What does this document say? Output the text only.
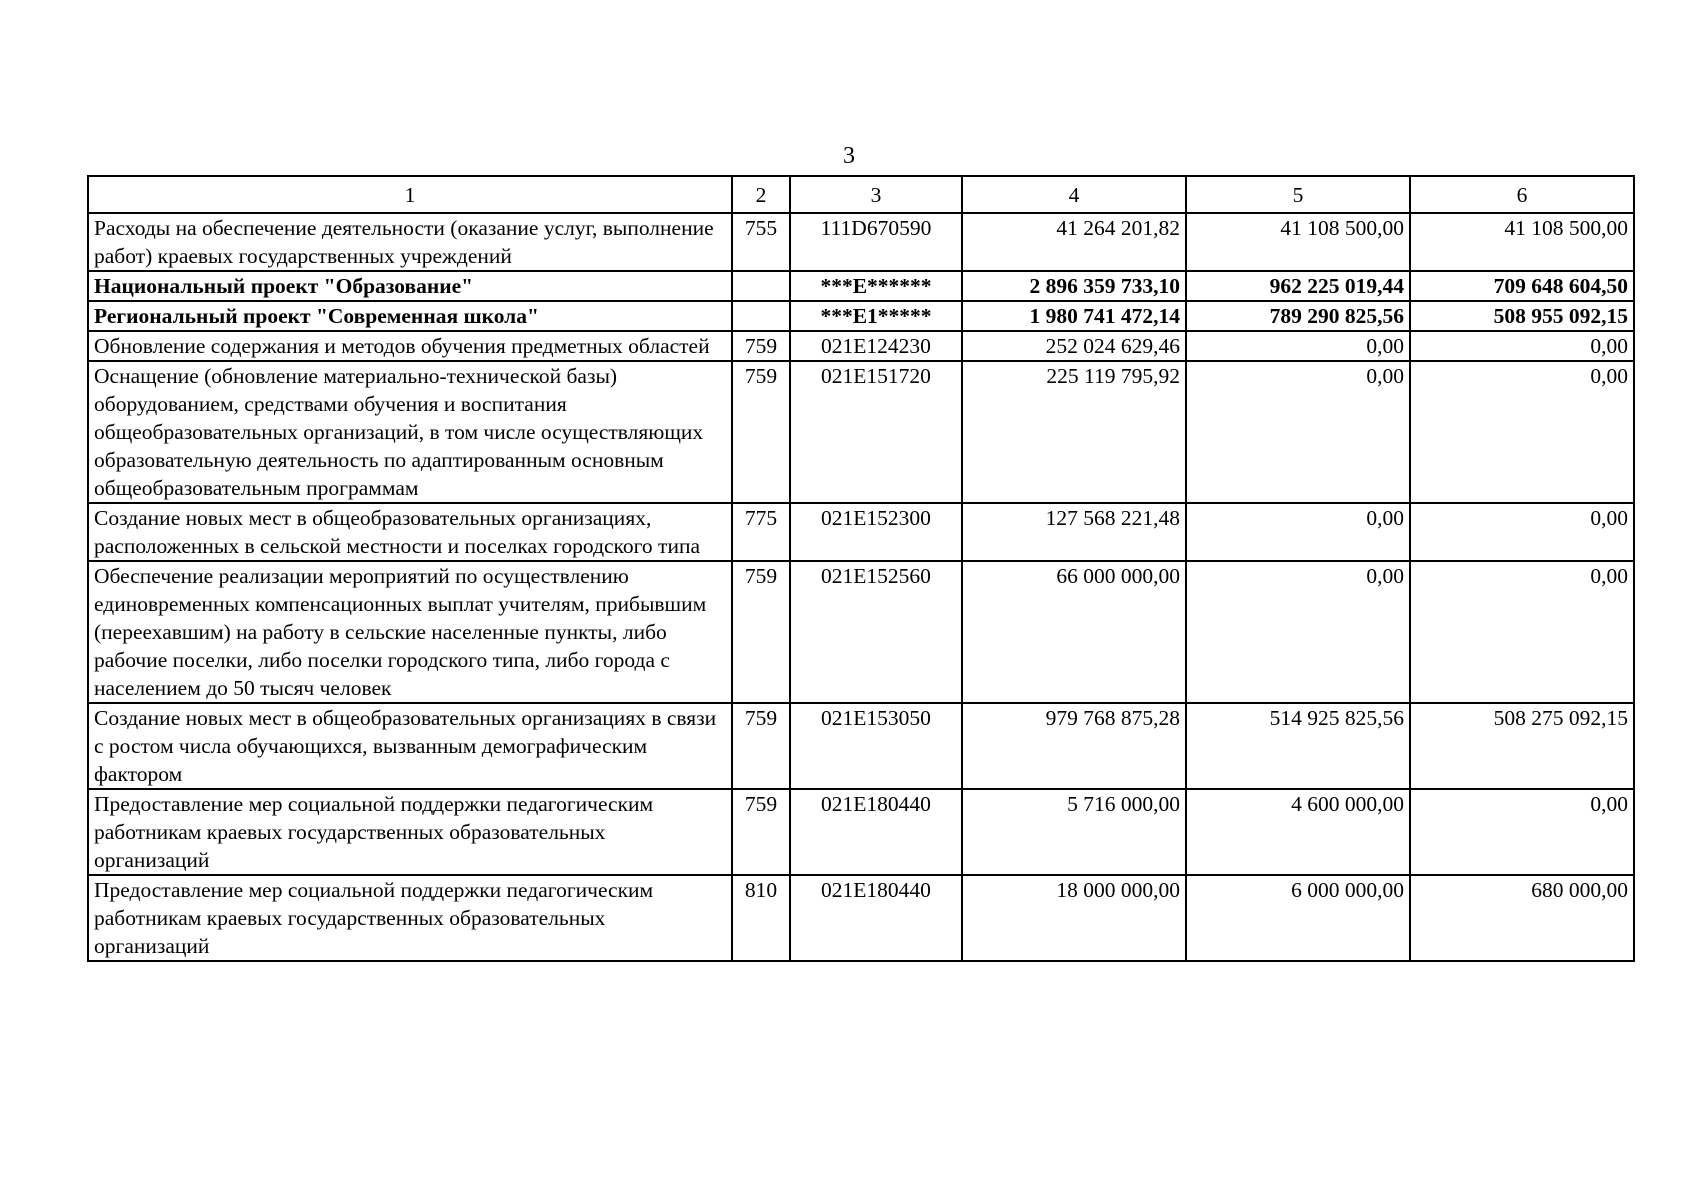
3
1	2	3	4	5	6
Расходы на обеспечение деятельности (оказание услуг, выполнение работ) краевых государственных учреждений	755	111D670590	41 264 201,82	41 108 500,00	41 108 500,00
Национальный проект "Образование"		***Е******	2 896 359 733,10	962 225 019,44	709 648 604,50
Региональный проект "Современная школа"		***Е1*****	1 980 741 472,14	789 290 825,56	508 955 092,15
Обновление содержания и методов обучения предметных областей	759	021Е124230	252 024 629,46	0,00	0,00
Оснащение (обновление материально-технической базы) оборудованием, средствами обучения и воспитания общеобразовательных организаций, в том числе осуществляющих образовательную деятельность по адаптированным основным общеобразовательным программам	759	021Е151720	225 119 795,92	0,00	0,00
Создание новых мест в общеобразовательных организациях, расположенных в сельской местности и поселках городского типа	775	021Е152300	127 568 221,48	0,00	0,00
Обеспечение реализации мероприятий по осуществлению единовременных компенсационных выплат учителям, прибывшим (переехавшим) на работу в сельские населенные пункты, либо рабочие поселки, либо поселки городского типа, либо города с населением до 50 тысяч человек	759	021Е152560	66 000 000,00	0,00	0,00
Создание новых мест в общеобразовательных организациях в связи с ростом числа обучающихся, вызванным демографическим фактором	759	021Е153050	979 768 875,28	514 925 825,56	508 275 092,15
Предоставление мер социальной поддержки педагогическим работникам краевых государственных образовательных организаций	759	021Е180440	5 716 000,00	4 600 000,00	0,00
Предоставление мер социальной поддержки педагогическим работникам краевых государственных образовательных организаций	810	021Е180440	18 000 000,00	6 000 000,00	680 000,00
